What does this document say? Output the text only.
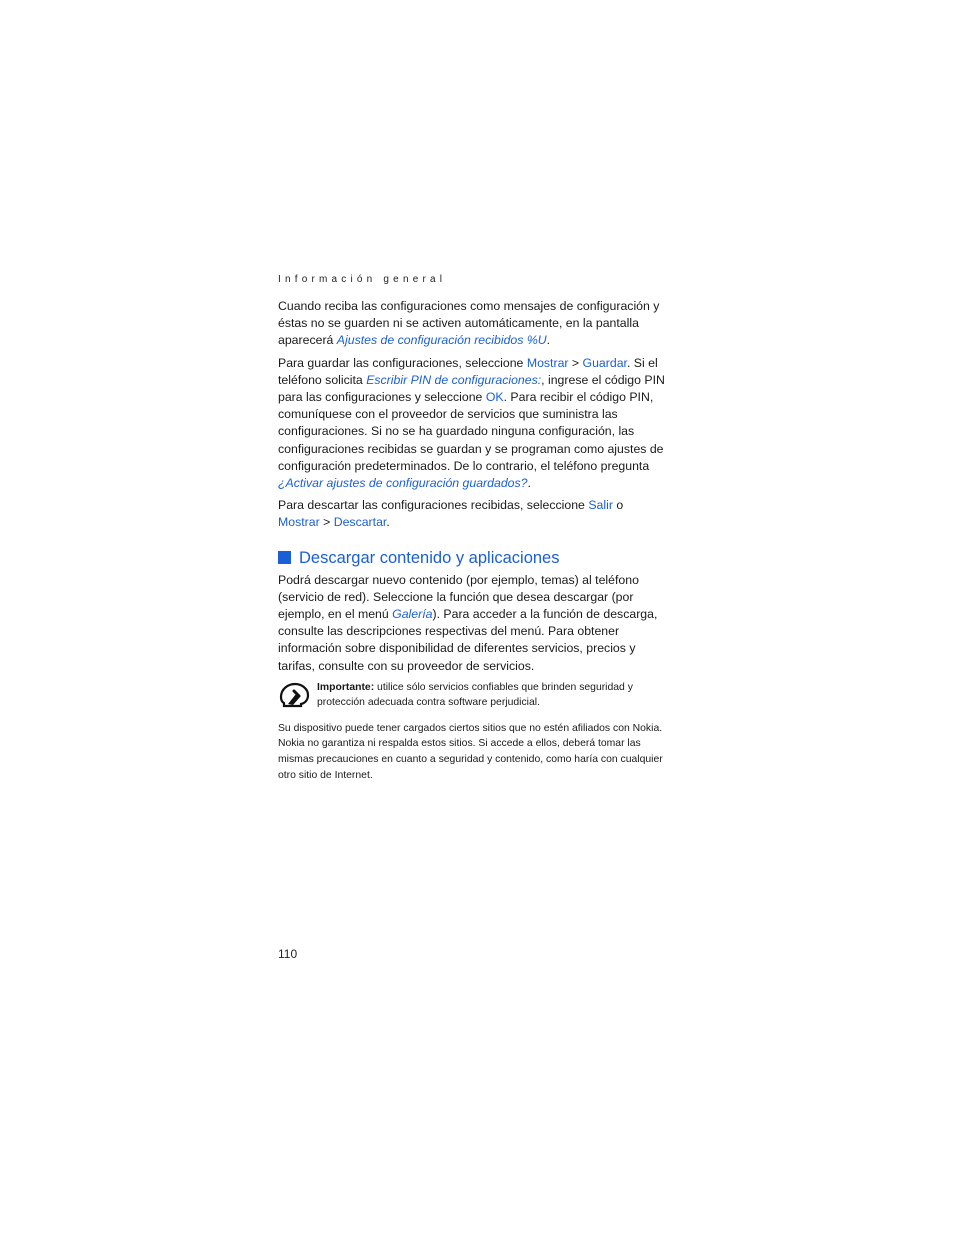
Información general

Cuando reciba las configuraciones como mensajes de configuración y éstas no se guarden ni se activen automáticamente, en la pantalla aparecerá Ajustes de configuración recibidos %U.

Para guardar las configuraciones, seleccione Mostrar > Guardar. Si el teléfono solicita Escribir PIN de configuraciones:, ingrese el código PIN para las configuraciones y seleccione OK. Para recibir el código PIN, comuníquese con el proveedor de servicios que suministra las configuraciones. Si no se ha guardado ninguna configuración, las configuraciones recibidas se guardan y se programan como ajustes de configuración predeterminados. De lo contrario, el teléfono pregunta ¿Activar ajustes de configuración guardados?.

Para descartar las configuraciones recibidas, seleccione Salir o
Mostrar > Descartar.

Descargar contenido y aplicaciones

Podrá descargar nuevo contenido (por ejemplo, temas) al teléfono (servicio de red). Seleccione la función que desea descargar (por ejemplo, en el menú Galería). Para acceder a la función de descarga, consulte las descripciones respectivas del menú. Para obtener información sobre disponibilidad de diferentes servicios, precios y tarifas, consulte con su proveedor de servicios.

Importante: utilice sólo servicios confiables que brinden seguridad y protección adecuada contra software perjudicial.

Su dispositivo puede tener cargados ciertos sitios que no estén afiliados con Nokia. Nokia no garantiza ni respalda estos sitios. Si accede a ellos, deberá tomar las mismas precauciones en cuanto a seguridad y contenido, como haría con cualquier otro sitio de Internet.

110
